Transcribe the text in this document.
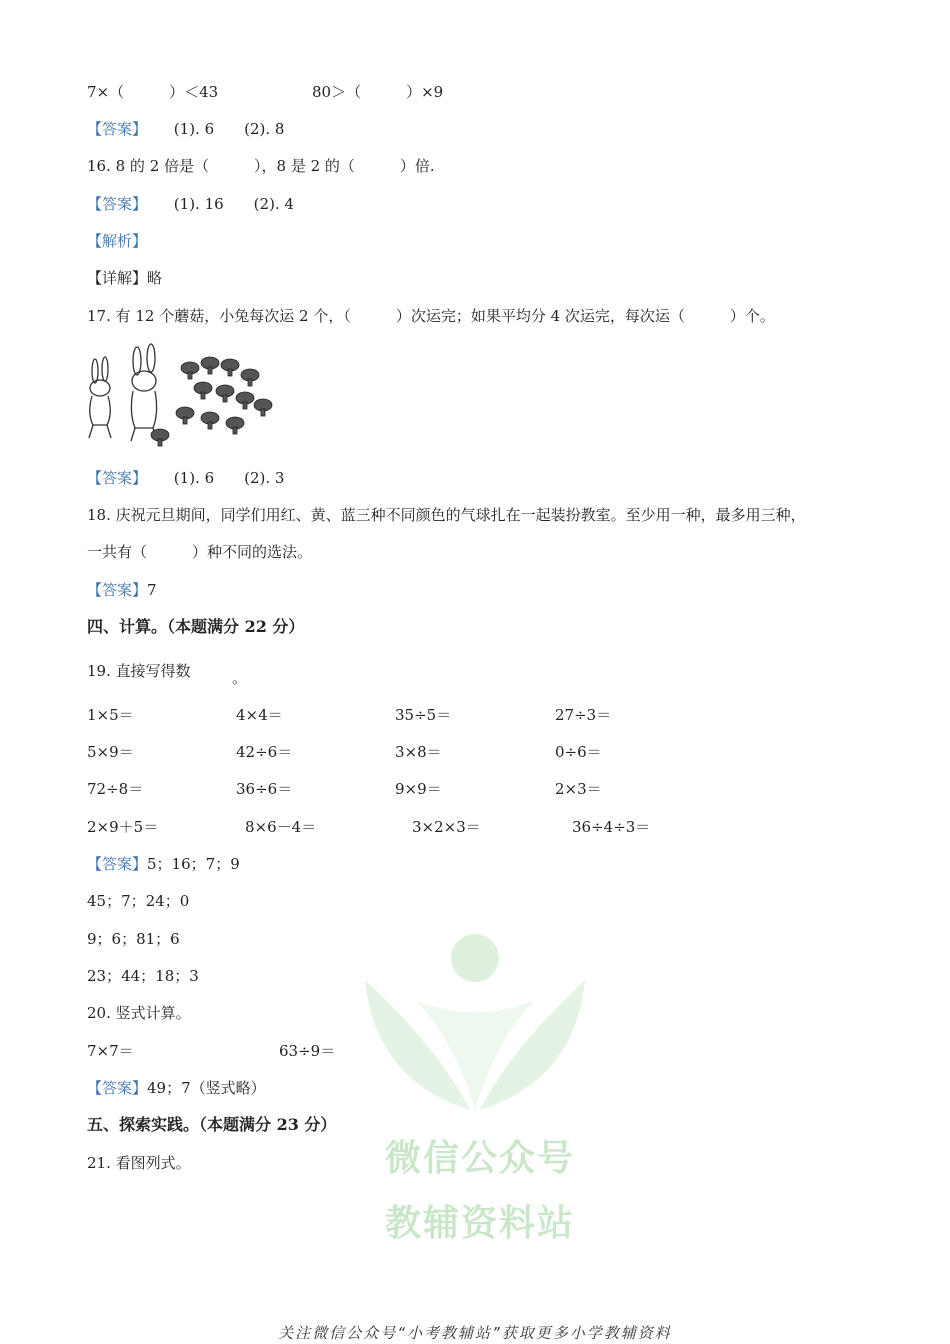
7×（　　　）＜43	80＞（　　　）×9
【答案】 (1). 6　　(2). 8
16. 8 的 2 倍是（　　　），8 是 2 的（　　　）倍.
【答案】 (1). 16　　(2). 4
【解析】
【详解】略
17. 有 12 个蘑菇，小兔每次运 2 个，（　　　）次运完；如果平均分 4 次运完，每次运（　　　）个。
【答案】 (1). 6　　(2). 3
18. 庆祝元旦期间，同学们用红、黄、蓝三种不同颜色的气球扎在一起装扮教室。至少用一种，最多用三种，
一共有（　　　）种不同的选法。
【答案】7
四、计算。（本题满分 22 分）
19. 直接写得数	。
1×5＝	4×4＝	35÷5＝	27÷3＝
5×9＝	42÷6＝	3×8＝	0÷6＝
72÷8＝	36÷6＝	9×9＝	2×3＝
2×9＋5＝	8×6－4＝	3×2×3＝	36÷4÷3＝
【答案】5；16；7；9
45；7；24；0
9；6；81；6
23；44；18；3
微信公众号
教辅资料站
20. 竖式计算。
7×7＝	63÷9＝
【答案】49；7（竖式略）
五、探索实践。（本题满分 23 分）
21. 看图列式。
关注微信公众号“小考教辅站”获取更多小学教辅资料
